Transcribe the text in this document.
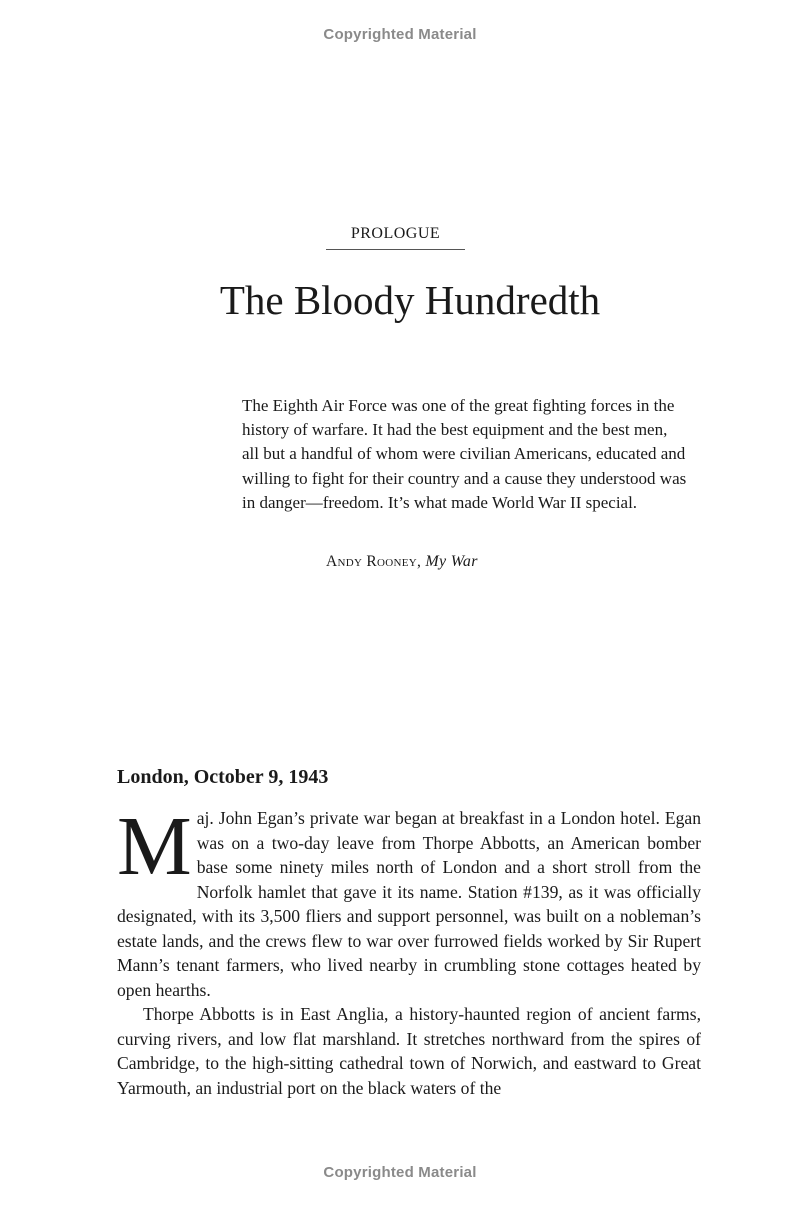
Copyrighted Material
PROLOGUE
The Bloody Hundredth

The Eighth Air Force was one of the great fighting forces in the history of warfare. It had the best equipment and the best men, all but a handful of whom were civilian Americans, educated and willing to fight for their country and a cause they understood was in danger—freedom. It’s what made World War II special.

Andy Rooney, My War
London, October 9, 1943

Maj. John Egan’s private war began at breakfast in a London hotel. Egan was on a two-day leave from Thorpe Abbotts, an American bomber base some ninety miles north of London and a short stroll from the Norfolk hamlet that gave it its name. Station #139, as it was officially designated, with its 3,500 fliers and support personnel, was built on a nobleman’s estate lands, and the crews flew to war over furrowed fields worked by Sir Rupert Mann’s tenant farmers, who lived nearby in crumbling stone cottages heated by open hearths.

Thorpe Abbotts is in East Anglia, a history-haunted region of ancient farms, curving rivers, and low flat marshland. It stretches northward from the spires of Cambridge, to the high-sitting cathedral town of Norwich, and eastward to Great Yarmouth, an industrial port on the black waters of the

Copyrighted Material
